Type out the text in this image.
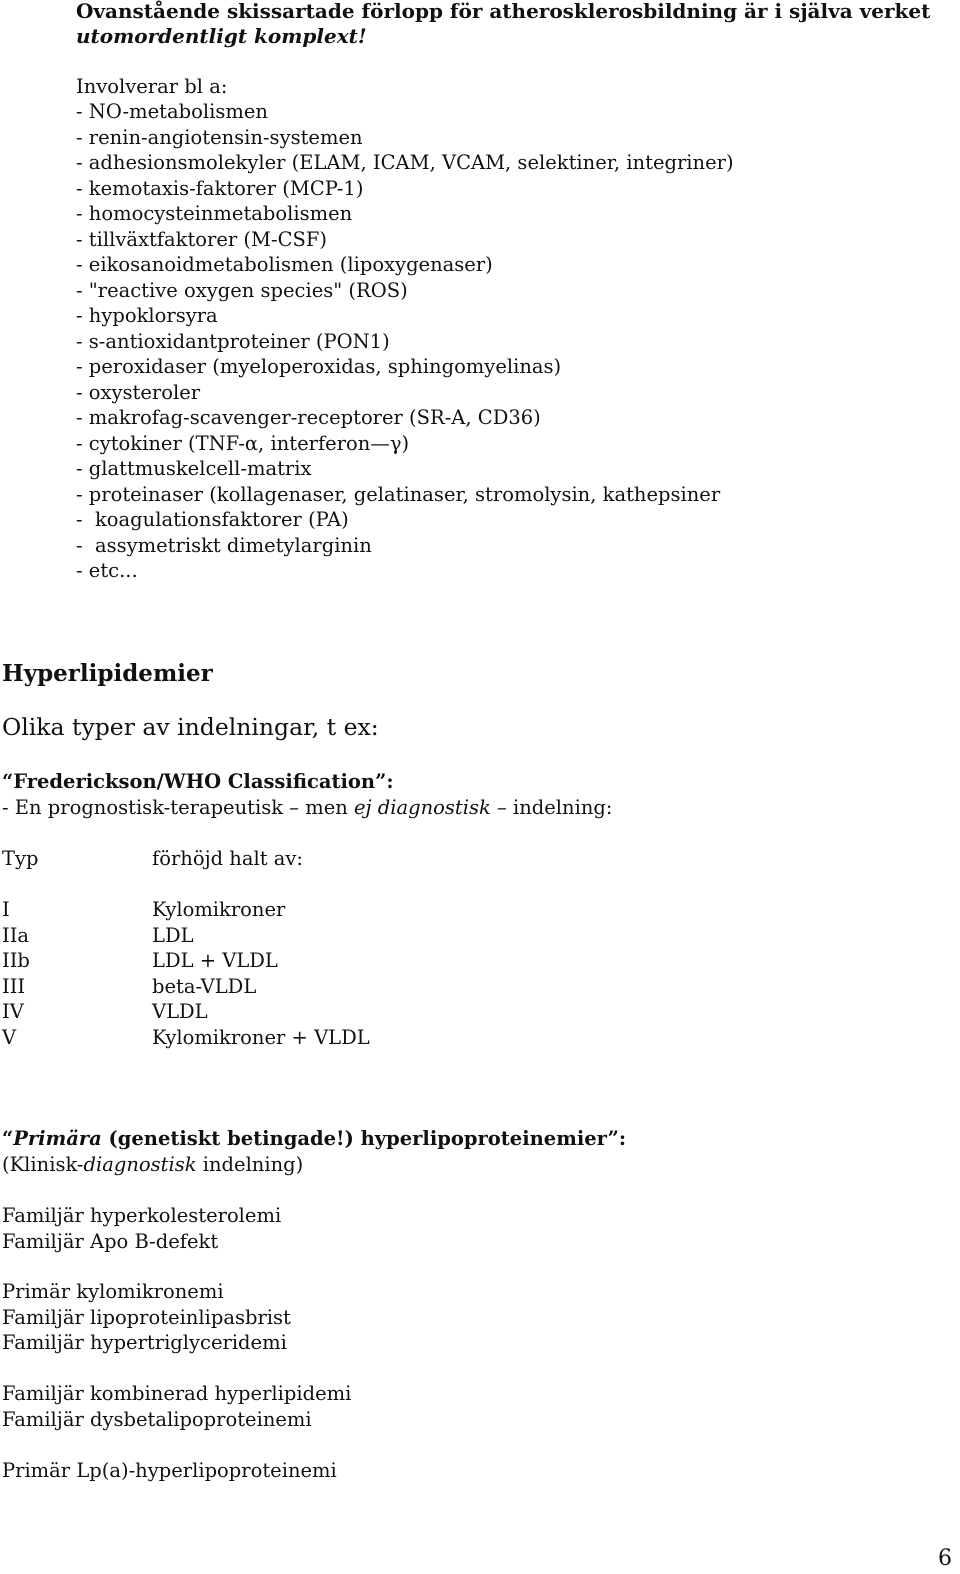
Ovanstående skissartade förlopp för atherosklerosbildning är i själva verket
utomordentligt komplext!
Involverar bl a:
- NO-metabolismen
- renin-angiotensin-systemen
- adhesionsmolekyler (ELAM, ICAM, VCAM, selektiner, integriner)
- kemotaxis-faktorer (MCP-1)
- homocysteinmetabolismen
- tillväxtfaktorer (M-CSF)
- eikosanoidmetabolismen (lipoxygenaser)
- "reactive oxygen species" (ROS)
- hypoklorsyra
- s-antioxidantproteiner (PON1)
- peroxidaser (myeloperoxidas, sphingomyelinas)
- oxysteroler
- makrofag-scavenger-receptorer (SR-A, CD36)
- cytokiner (TNF-α, interferon—γ)
- glattmuskelcell-matrix
- proteinaser (kollagenaser, gelatinaser, stromolysin, kathepsiner
-  koagulationsfaktorer (PA)
-  assymetriskt dimetylarginin
- etc...
Hyperlipidemier
Olika typer av indelningar, t ex:
“Frederickson/WHO Classification”:
- En prognostisk-terapeutisk – men ej diagnostisk – indelning:
Typ	förhöjd halt av:
I	Kylomikroner
IIa	LDL
IIb	LDL + VLDL
III	beta-VLDL
IV	VLDL
V	Kylomikroner + VLDL
“Primära (genetiskt betingade!) hyperlipoproteinemier”:
(Klinisk-diagnostisk indelning)
Familjär hyperkolesterolemi
Familjär Apo B-defekt
Primär kylomikronemi
Familjär lipoproteinlipasbrist
Familjär hypertriglyceridemi
Familjär kombinerad hyperlipidemi
Familjär dysbetalipoproteinemi
Primär Lp(a)-hyperlipoproteinemi
6
